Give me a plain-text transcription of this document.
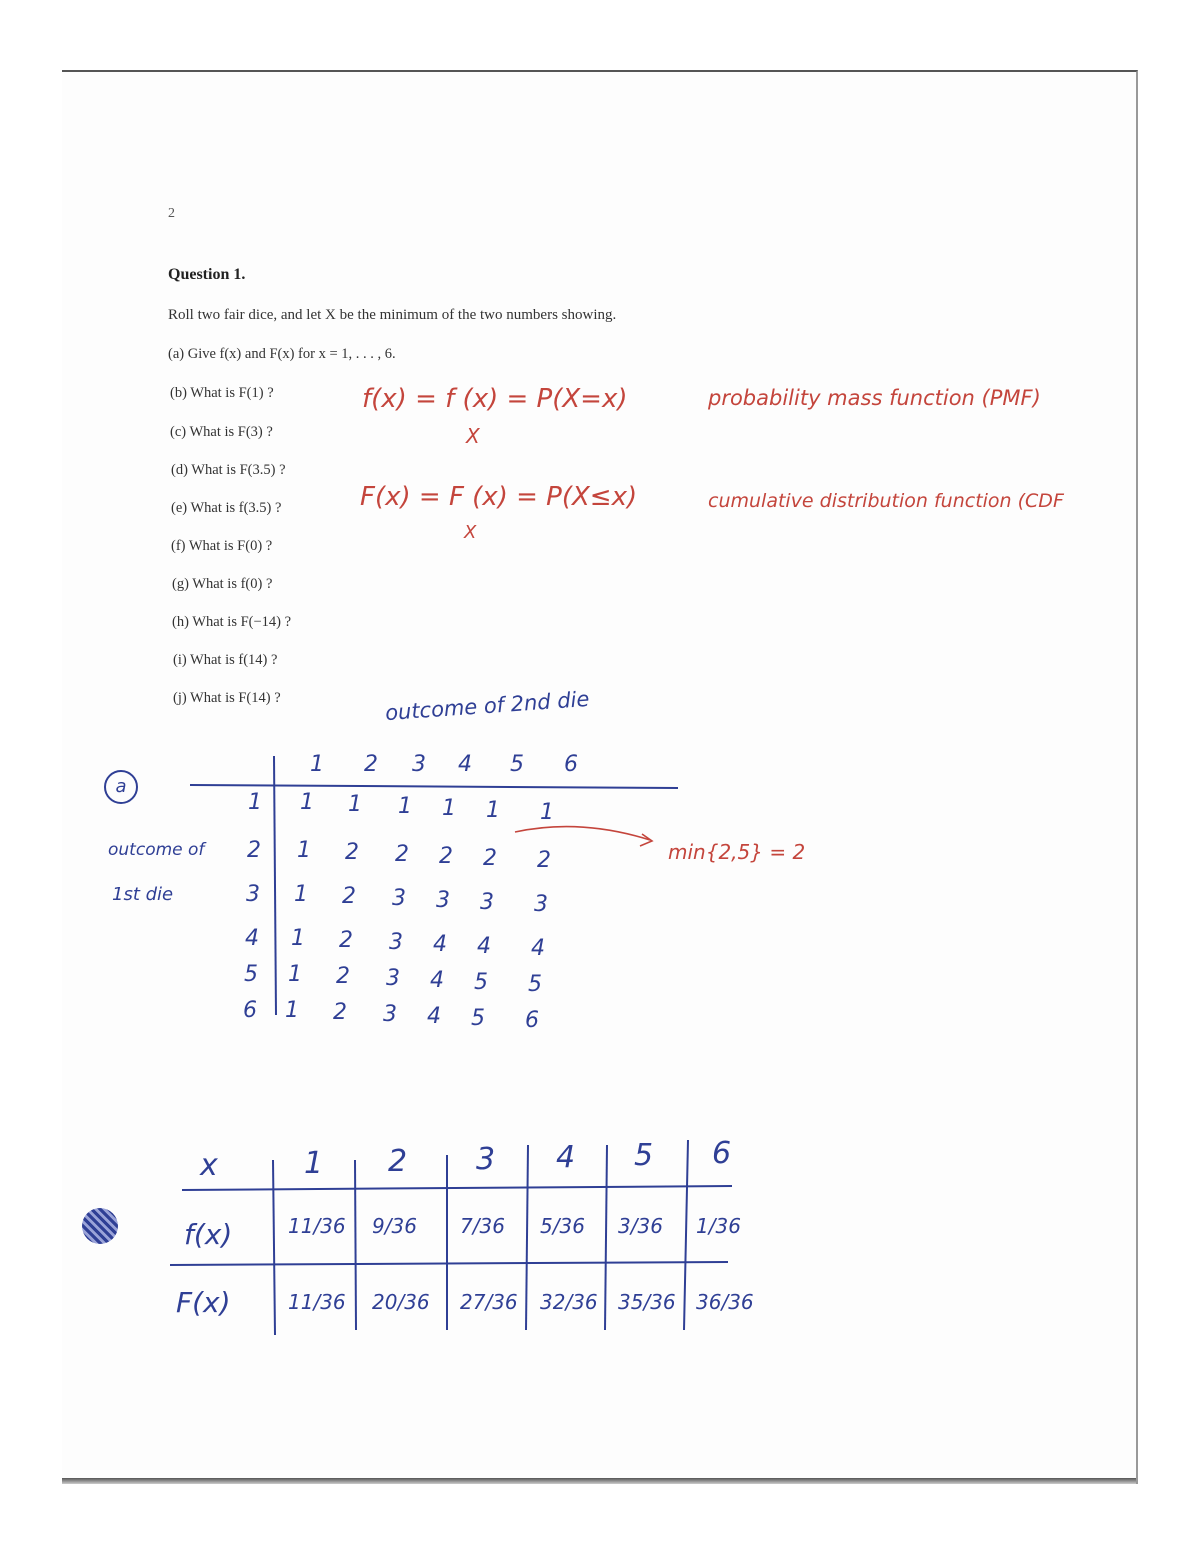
2
Question 1.
Roll two fair dice, and let X be the minimum of the two numbers showing.
(a) Give f(x) and F(x) for x = 1, . . . , 6.
(b) What is F(1) ?
(c) What is F(3) ?
(d) What is F(3.5) ?
(e) What is f(3.5) ?
(f) What is F(0) ?
(g) What is f(0) ?
(h) What is F(−14) ?
(i) What is f(14) ?
(j) What is F(14) ?
f(x) = f (x) = P(X=x)
X
probability mass function (PMF)
F(x) = F (x) = P(X≤x)
X
cumulative distribution function (CDF
a
outcome of 2nd die
outcome of
1st die
1 2 3 4 5 6
1 1 1 1 1 1 1
2 1 2 2 2 2 2
3 1 2 3 3 3 3
4 1 2 3 4 4 4
5 1 2 3 4 5 5
6 1 2 3 4 5 6
min{2,5} = 2
x
f(x)
F(x)
1 2 3 4 5 6
11/36 9/36 7/36 5/36 3/36 1/36
11/36 20/36 27/36 32/36 35/36 36/36
